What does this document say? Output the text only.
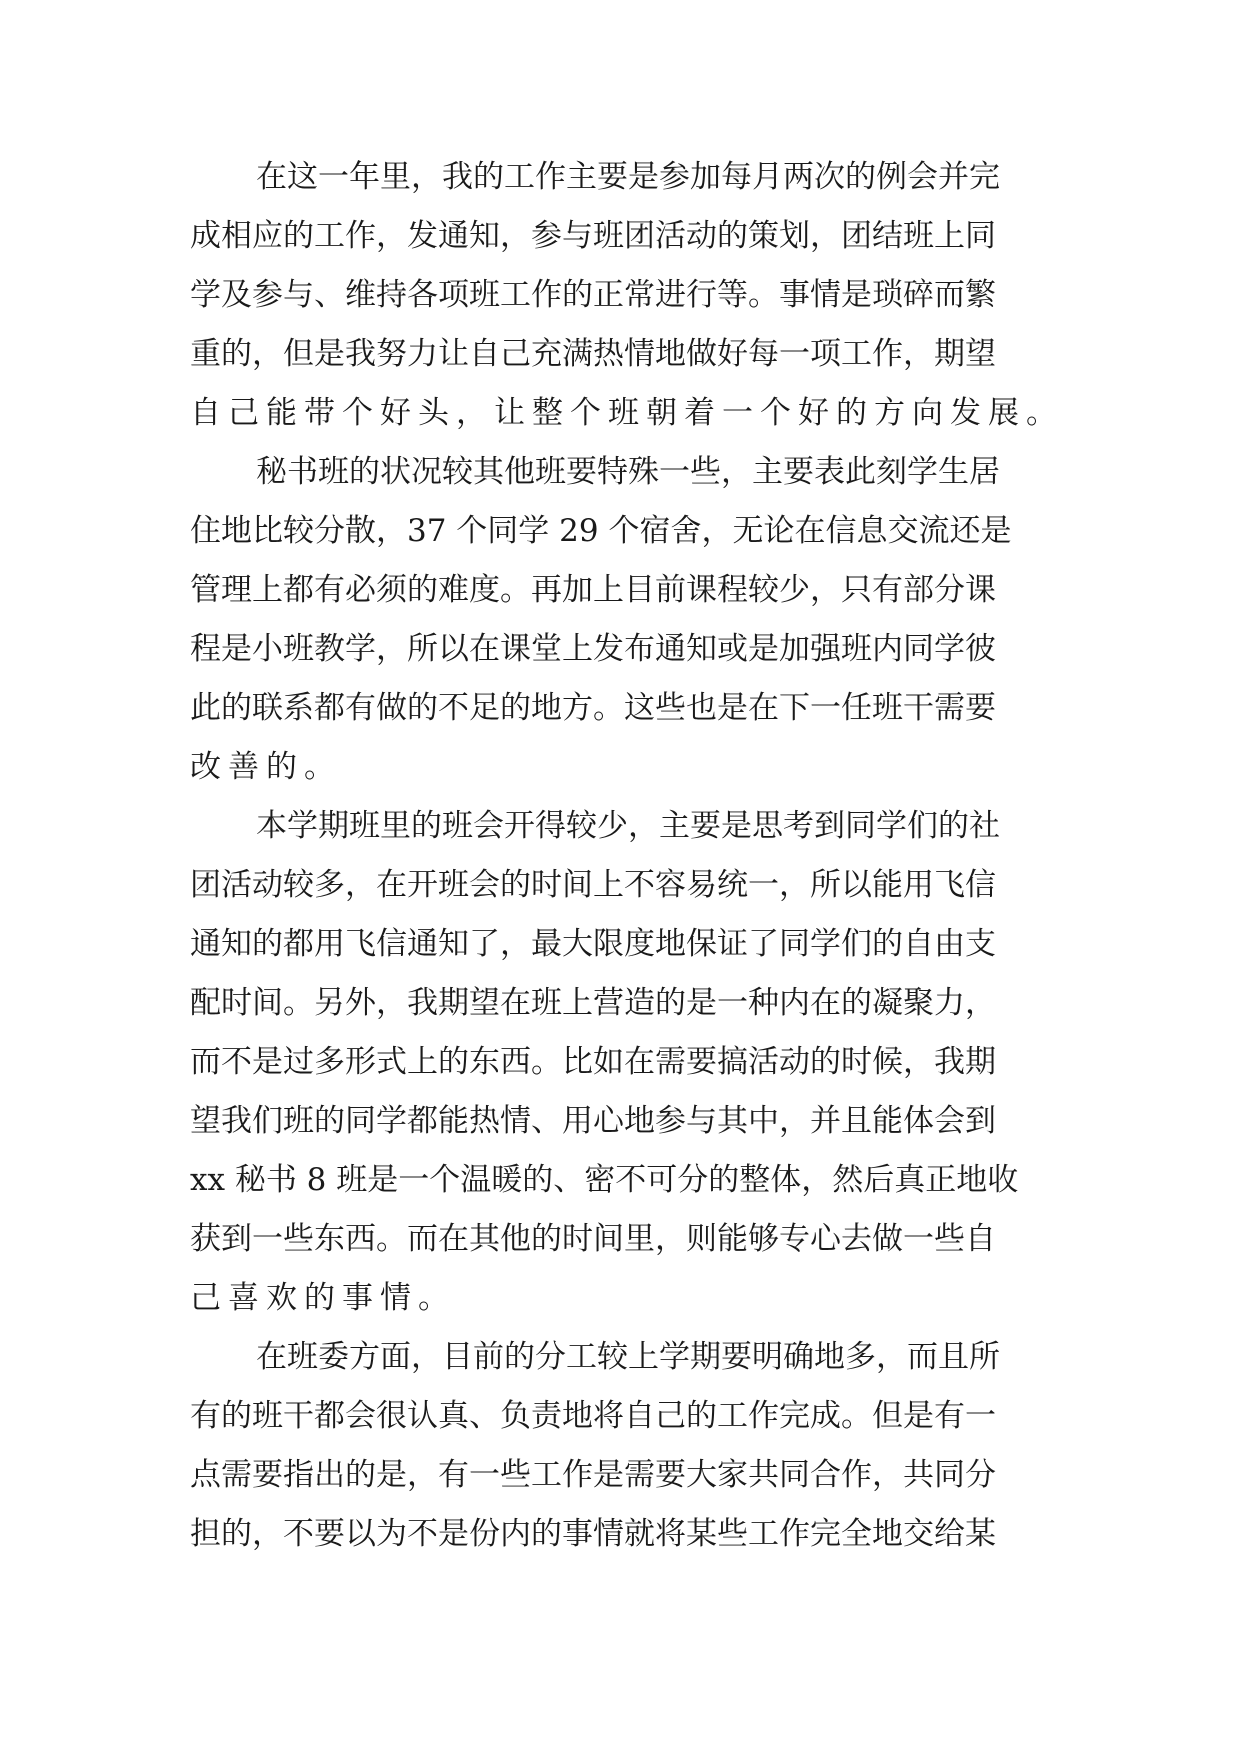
在这一年里，我的工作主要是参加每月两次的例会并完
成相应的工作，发通知，参与班团活动的策划，团结班上同
学及参与、维持各项班工作的正常进行等。事情是琐碎而繁
重的，但是我努力让自己充满热情地做好每一项工作，期望
自己能带个好头，让整个班朝着一个好的方向发展。
秘书班的状况较其他班要特殊一些，主要表此刻学生居
住地比较分散，37 个同学 29 个宿舍，无论在信息交流还是
管理上都有必须的难度。再加上目前课程较少，只有部分课
程是小班教学，所以在课堂上发布通知或是加强班内同学彼
此的联系都有做的不足的地方。这些也是在下一任班干需要
改善的。
本学期班里的班会开得较少，主要是思考到同学们的社
团活动较多，在开班会的时间上不容易统一，所以能用飞信
通知的都用飞信通知了，最大限度地保证了同学们的自由支
配时间。另外，我期望在班上营造的是一种内在的凝聚力，
而不是过多形式上的东西。比如在需要搞活动的时候，我期
望我们班的同学都能热情、用心地参与其中，并且能体会到
xx 秘书 8 班是一个温暖的、密不可分的整体，然后真正地收
获到一些东西。而在其他的时间里，则能够专心去做一些自
己喜欢的事情。
在班委方面，目前的分工较上学期要明确地多，而且所
有的班干都会很认真、负责地将自己的工作完成。但是有一
点需要指出的是，有一些工作是需要大家共同合作，共同分
担的，不要以为不是份内的事情就将某些工作完全地交给某
